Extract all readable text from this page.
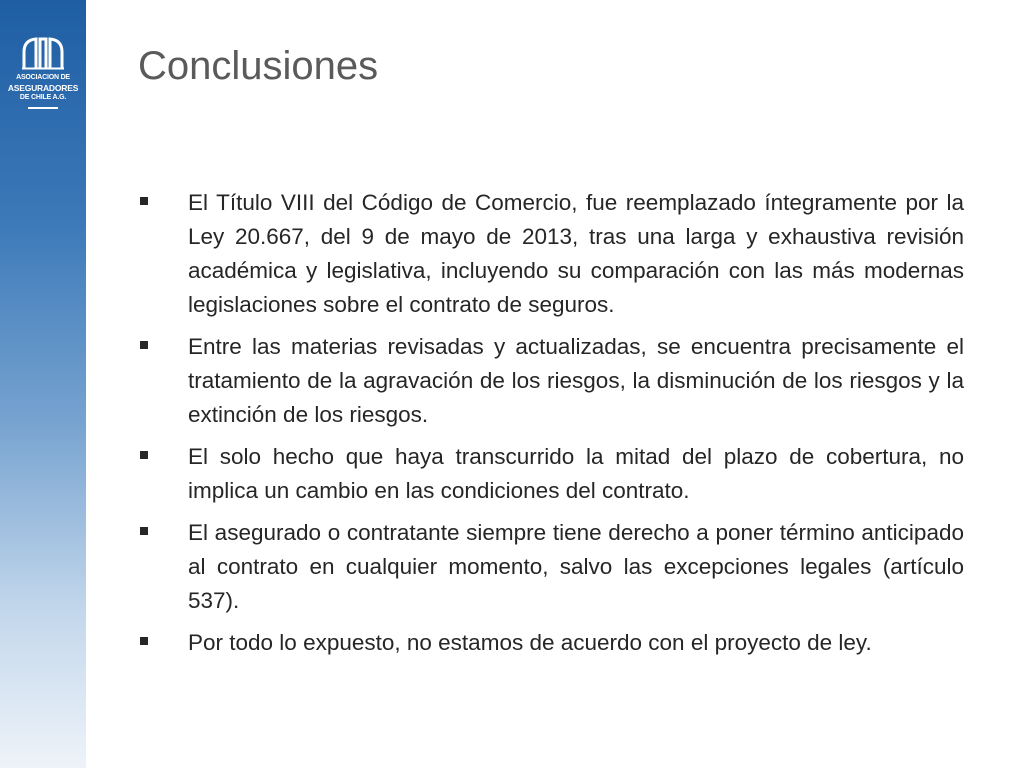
ASOCIACION DE
ASEGURADORES
DE CHILE A.G.
Conclusiones
El Título VIII del Código de Comercio, fue reemplazado íntegramente por la Ley 20.667, del 9 de mayo de 2013, tras una larga y exhaustiva revisión académica y legislativa, incluyendo su comparación con las más modernas legislaciones sobre el contrato de seguros.
Entre las materias revisadas y actualizadas, se encuentra precisamente el tratamiento de la agravación de los riesgos, la disminución de los riesgos y la extinción de los riesgos.
El solo hecho que haya transcurrido la mitad del plazo de cobertura, no implica un cambio en las condiciones del contrato.
El asegurado o contratante siempre tiene derecho a poner término anticipado al contrato en cualquier momento, salvo las excepciones legales (artículo 537).
Por todo lo expuesto, no estamos de acuerdo con el proyecto de ley.
